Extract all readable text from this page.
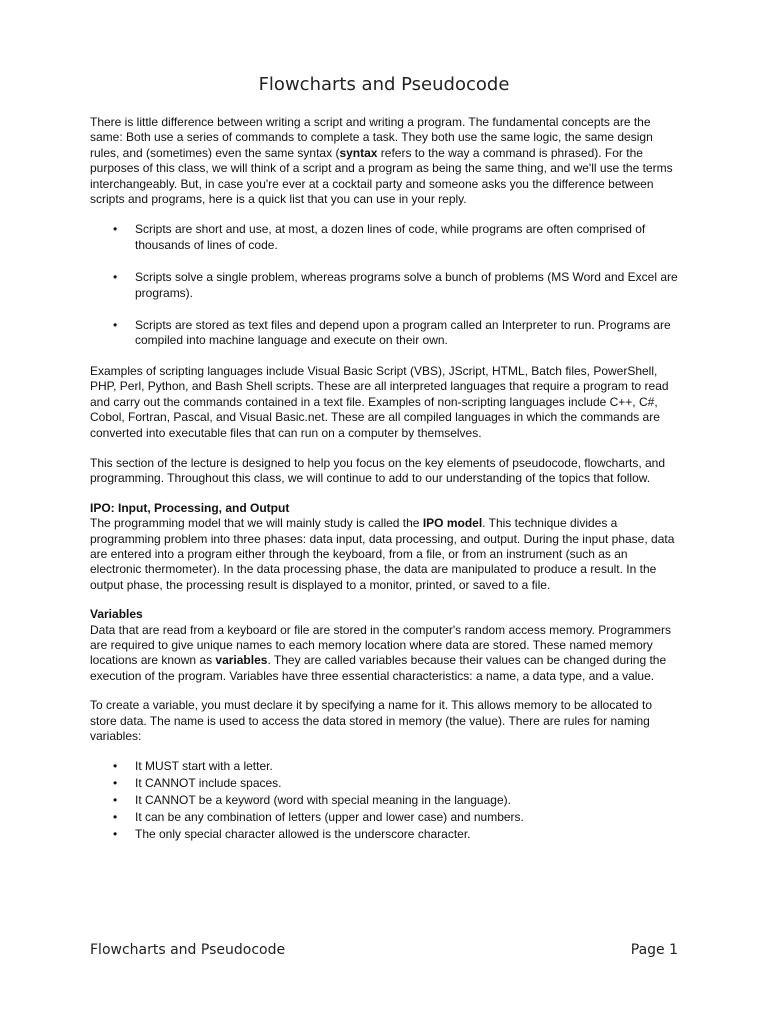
Flowcharts and Pseudocode

There is little difference between writing a script and writing a program. The fundamental concepts are the same: Both use a series of commands to complete a task. They both use the same logic, the same design rules, and (sometimes) even the same syntax (syntax refers to the way a command is phrased). For the purposes of this class, we will think of a script and a program as being the same thing, and we'll use the terms interchangeably. But, in case you're ever at a cocktail party and someone asks you the difference between scripts and programs, here is a quick list that you can use in your reply.

• Scripts are short and use, at most, a dozen lines of code, while programs are often comprised of thousands of lines of code.
• Scripts solve a single problem, whereas programs solve a bunch of problems (MS Word and Excel are programs).
• Scripts are stored as text files and depend upon a program called an Interpreter to run. Programs are compiled into machine language and execute on their own.

Examples of scripting languages include Visual Basic Script (VBS), JScript, HTML, Batch files, PowerShell, PHP, Perl, Python, and Bash Shell scripts. These are all interpreted languages that require a program to read and carry out the commands contained in a text file. Examples of non-scripting languages include C++, C#, Cobol, Fortran, Pascal, and Visual Basic.net. These are all compiled languages in which the commands are converted into executable files that can run on a computer by themselves.

This section of the lecture is designed to help you focus on the key elements of pseudocode, flowcharts, and programming. Throughout this class, we will continue to add to our understanding of the topics that follow.

IPO: Input, Processing, and Output

The programming model that we will mainly study is called the IPO model. This technique divides a programming problem into three phases: data input, data processing, and output. During the input phase, data are entered into a program either through the keyboard, from a file, or from an instrument (such as an electronic thermometer). In the data processing phase, the data are manipulated to produce a result. In the output phase, the processing result is displayed to a monitor, printed, or saved to a file.

Variables

Data that are read from a keyboard or file are stored in the computer's random access memory. Programmers are required to give unique names to each memory location where data are stored. These named memory locations are known as variables. They are called variables because their values can be changed during the execution of the program. Variables have three essential characteristics: a name, a data type, and a value.

To create a variable, you must declare it by specifying a name for it. This allows memory to be allocated to store data. The name is used to access the data stored in memory (the value). There are rules for naming variables:

• It MUST start with a letter.
• It CANNOT include spaces.
• It CANNOT be a keyword (word with special meaning in the language).
• It can be any combination of letters (upper and lower case) and numbers.
• The only special character allowed is the underscore character.
Flowcharts and Pseudocode	Page 1
